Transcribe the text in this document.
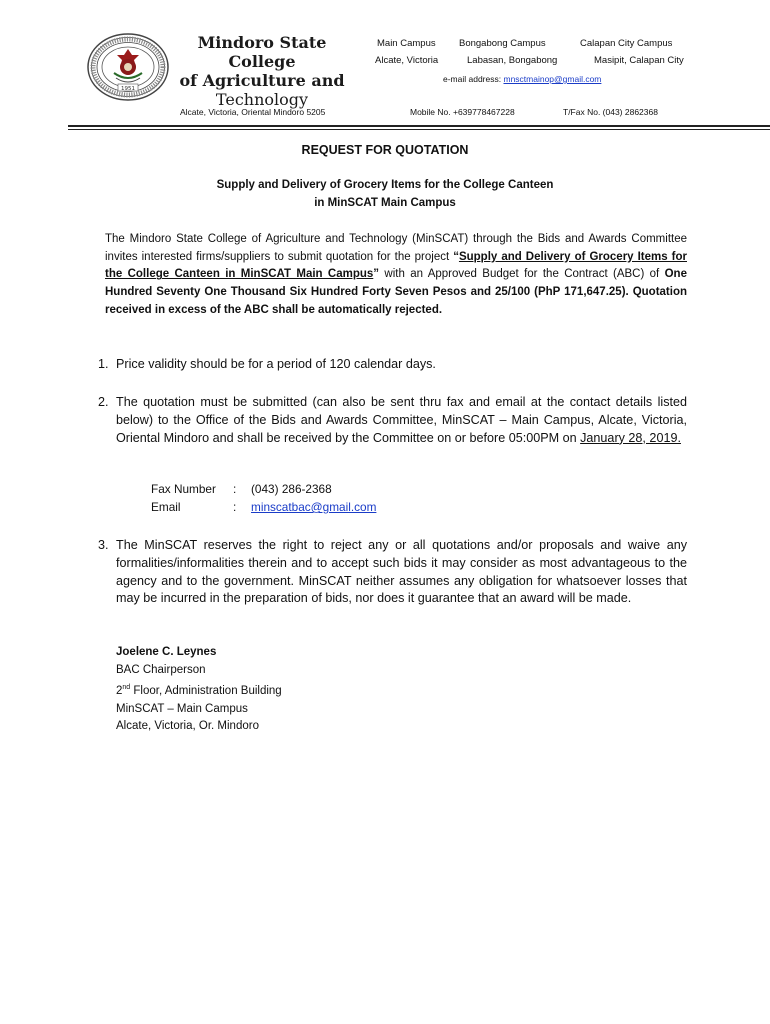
1951
Mindoro State College
of Agriculture and
Technology
Main Campus Bongabong Campus	Calapan City Campus
Alcate, Victoria	Labasan, Bongabong	Masipit, Calapan City
e-mail address: mnsctmainop@gmail.com
Alcate, Victoria, Oriental Mindoro 5205	Mobile No. +639778467228	T/Fax No. (043) 2862368
REQUEST FOR QUOTATION
Supply and Delivery of Grocery Items for the College Canteen
in MinSCAT Main Campus
The Mindoro State College of Agriculture and Technology (MinSCAT) through the Bids and Awards Committee invites interested firms/suppliers to submit quotation for the project “Supply and Delivery of Grocery Items for the College Canteen in MinSCAT Main Campus” with an Approved Budget for the Contract (ABC) of One Hundred Seventy One Thousand Six Hundred Forty Seven Pesos and 25/100 (PhP 171,647.25). Quotation received in excess of the ABC shall be automatically rejected.
1. Price validity should be for a period of 120 calendar days.
2. The quotation must be submitted (can also be sent thru fax and email at the contact details listed below) to the Office of the Bids and Awards Committee, MinSCAT – Main Campus, Alcate, Victoria, Oriental Mindoro and shall be received by the Committee on or before 05:00PM on January 28, 2019.
Fax Number : (043) 286-2368
Email	: minscatbac@gmail.com
3. The MinSCAT reserves the right to reject any or all quotations and/or proposals and waive any formalities/informalities therein and to accept such bids it may consider as most advantageous to the agency and to the government. MinSCAT neither assumes any obligation for whatsoever losses that may be incurred in the preparation of bids, nor does it guarantee that an award will be made.
Joelene C. Leynes
BAC Chairperson
2nd Floor, Administration Building
MinSCAT – Main Campus
Alcate, Victoria, Or. Mindoro
